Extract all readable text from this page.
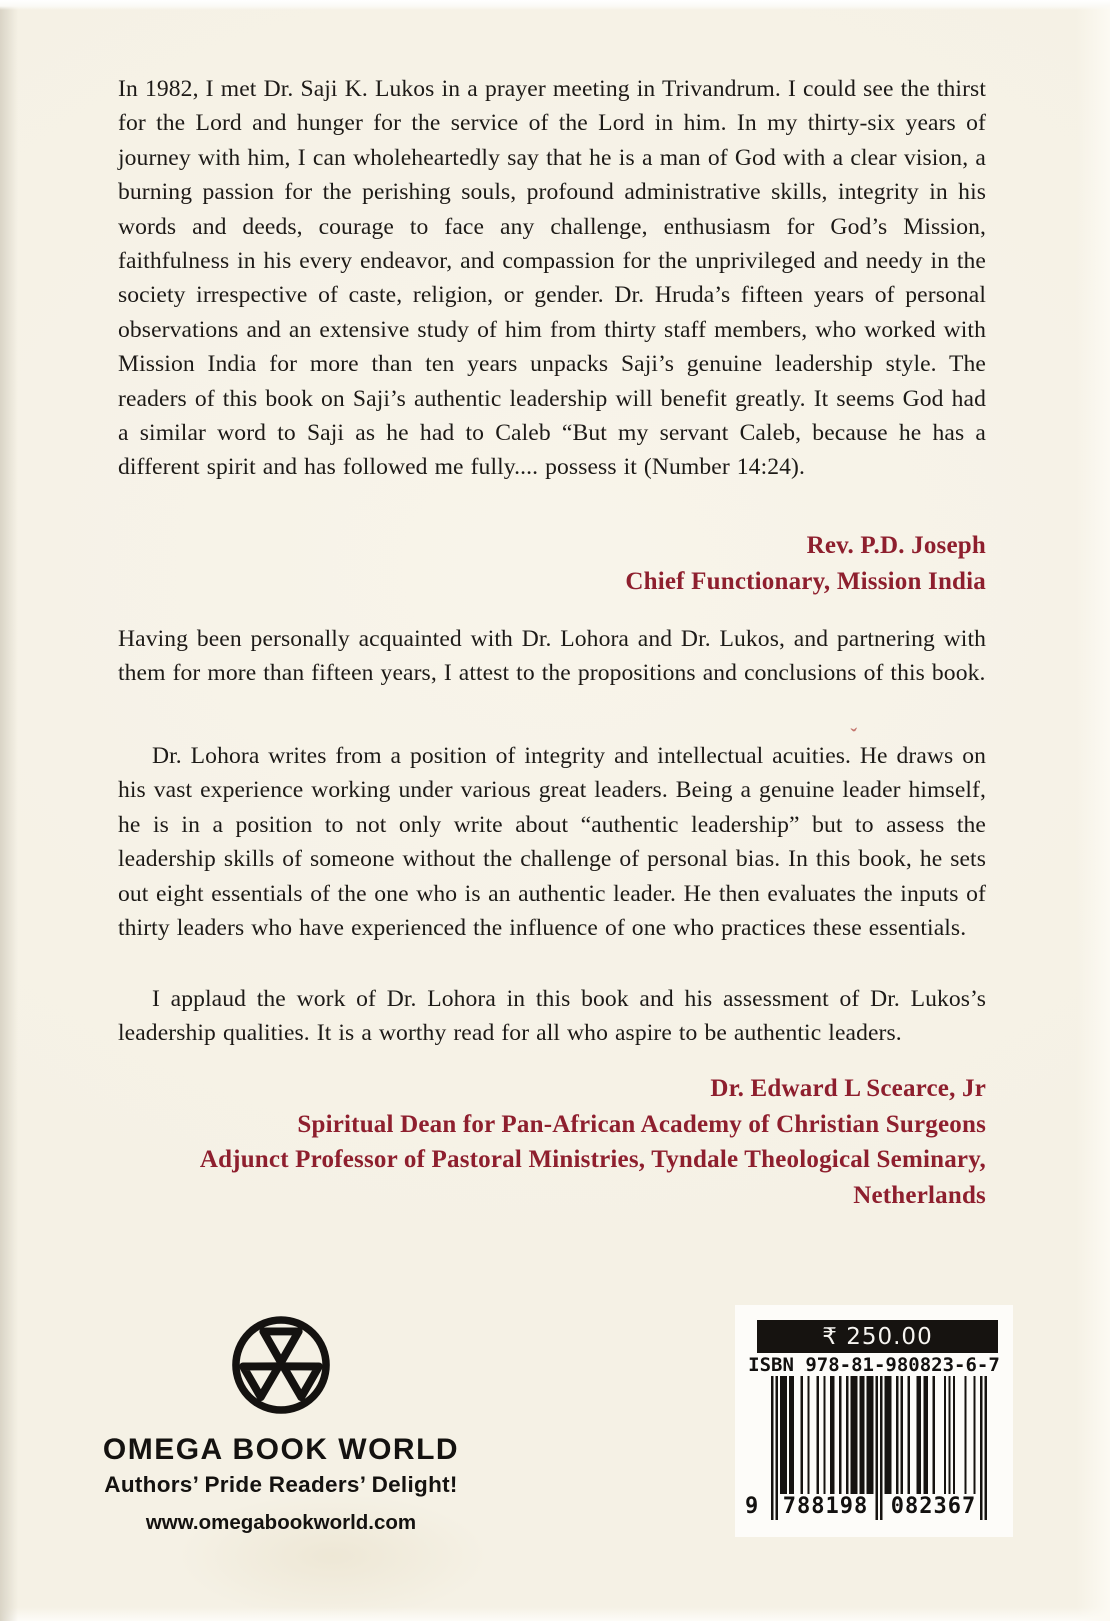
In 1982, I met Dr. Saji K. Lukos in a prayer meeting in Trivandrum. I could see the thirst for the Lord and hunger for the service of the Lord in him. In my thirty-six years of journey with him, I can wholeheartedly say that he is a man of God with a clear vision, a burning passion for the perishing souls, profound administrative skills, integrity in his words and deeds, courage to face any challenge, enthusiasm for God’s Mission, faithfulness in his every endeavor, and compassion for the unprivileged and needy in the society irrespective of caste, religion, or gender. Dr. Hruda’s fifteen years of personal observations and an extensive study of him from thirty staff members, who worked with Mission India for more than ten years unpacks Saji’s genuine leadership style. The readers of this book on Saji’s authentic leadership will benefit greatly. It seems God had a similar word to Saji as he had to Caleb “But my servant Caleb, because he has a different spirit and has followed me fully.... possess it (Number 14:24).

Rev. P.D. Joseph
Chief Functionary, Mission India

Having been personally acquainted with Dr. Lohora and Dr. Lukos, and partnering with them for more than fifteen years, I attest to the propositions and conclusions of this book.

Dr. Lohora writes from a position of integrity and intellectual acuities. He draws on his vast experience working under various great leaders. Being a genuine leader himself, he is in a position to not only write about “authentic leadership” but to assess the leadership skills of someone without the challenge of personal bias. In this book, he sets out eight essentials of the one who is an authentic leader. He then evaluates the inputs of thirty leaders who have experienced the influence of one who practices these essentials.

I applaud the work of Dr. Lohora in this book and his assessment of Dr. Lukos’s leadership qualities. It is a worthy read for all who aspire to be authentic leaders.

Dr. Edward L Scearce, Jr
Spiritual Dean for Pan-African Academy of Christian Surgeons
Adjunct Professor of Pastoral Ministries, Tyndale Theological Seminary,
Netherlands
ˇ
OMEGA BOOK WORLD
Authors’ Pride Readers’ Delight!
www.omegabookworld.com
₹ 250.00
ISBN 978-81-980823-6-7
9 788198	082367
